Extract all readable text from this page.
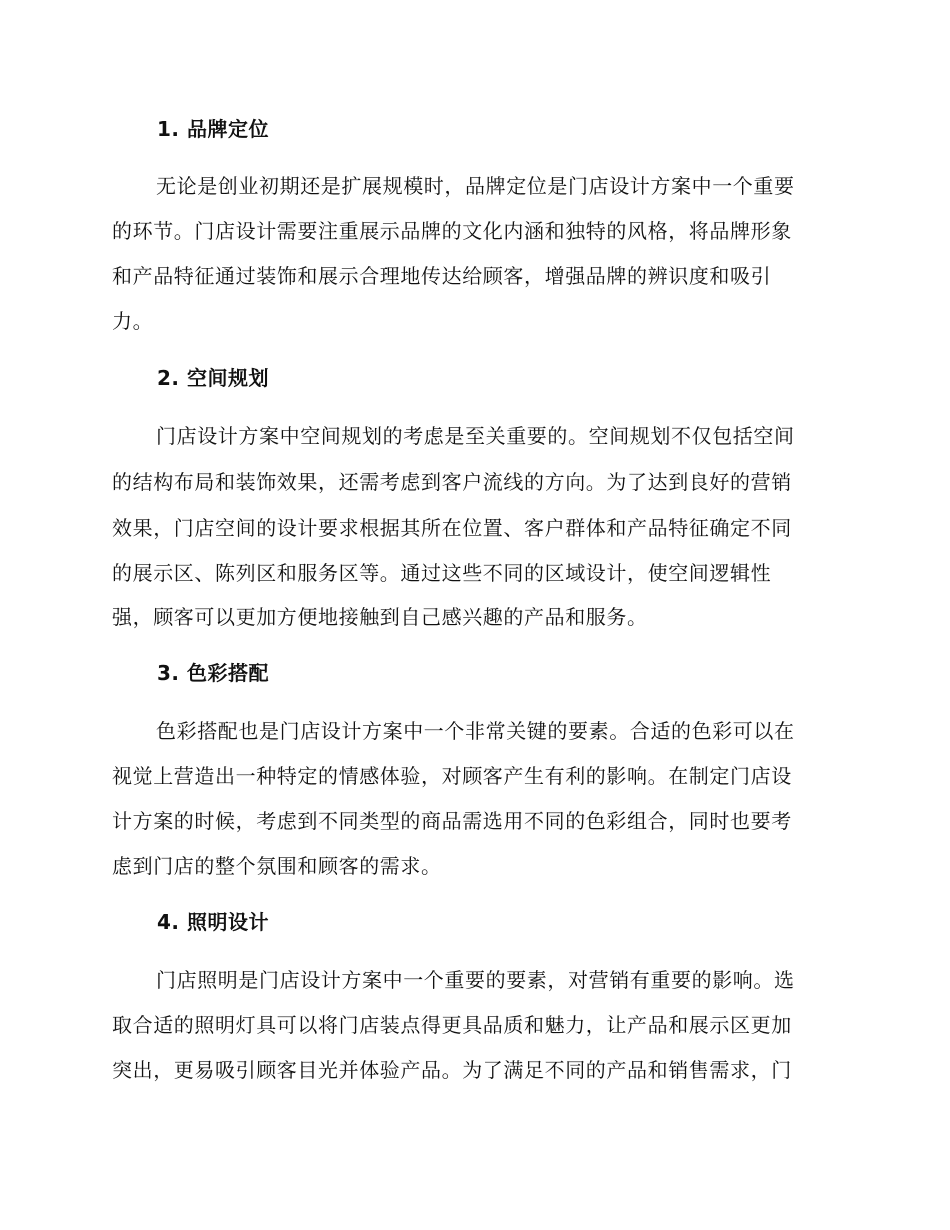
1. 品牌定位
无论是创业初期还是扩展规模时，品牌定位是门店设计方案中一个重要
的环节。门店设计需要注重展示品牌的文化内涵和独特的风格，将品牌形象
和产品特征通过装饰和展示合理地传达给顾客，增强品牌的辨识度和吸引
力。
2. 空间规划
门店设计方案中空间规划的考虑是至关重要的。空间规划不仅包括空间
的结构布局和装饰效果，还需考虑到客户流线的方向。为了达到良好的营销
效果，门店空间的设计要求根据其所在位置、客户群体和产品特征确定不同
的展示区、陈列区和服务区等。通过这些不同的区域设计，使空间逻辑性
强，顾客可以更加方便地接触到自己感兴趣的产品和服务。
3. 色彩搭配
色彩搭配也是门店设计方案中一个非常关键的要素。合适的色彩可以在
视觉上营造出一种特定的情感体验，对顾客产生有利的影响。在制定门店设
计方案的时候，考虑到不同类型的商品需选用不同的色彩组合，同时也要考
虑到门店的整个氛围和顾客的需求。
4. 照明设计
门店照明是门店设计方案中一个重要的要素，对营销有重要的影响。选
取合适的照明灯具可以将门店装点得更具品质和魅力，让产品和展示区更加
突出，更易吸引顾客目光并体验产品。为了满足不同的产品和销售需求，门
